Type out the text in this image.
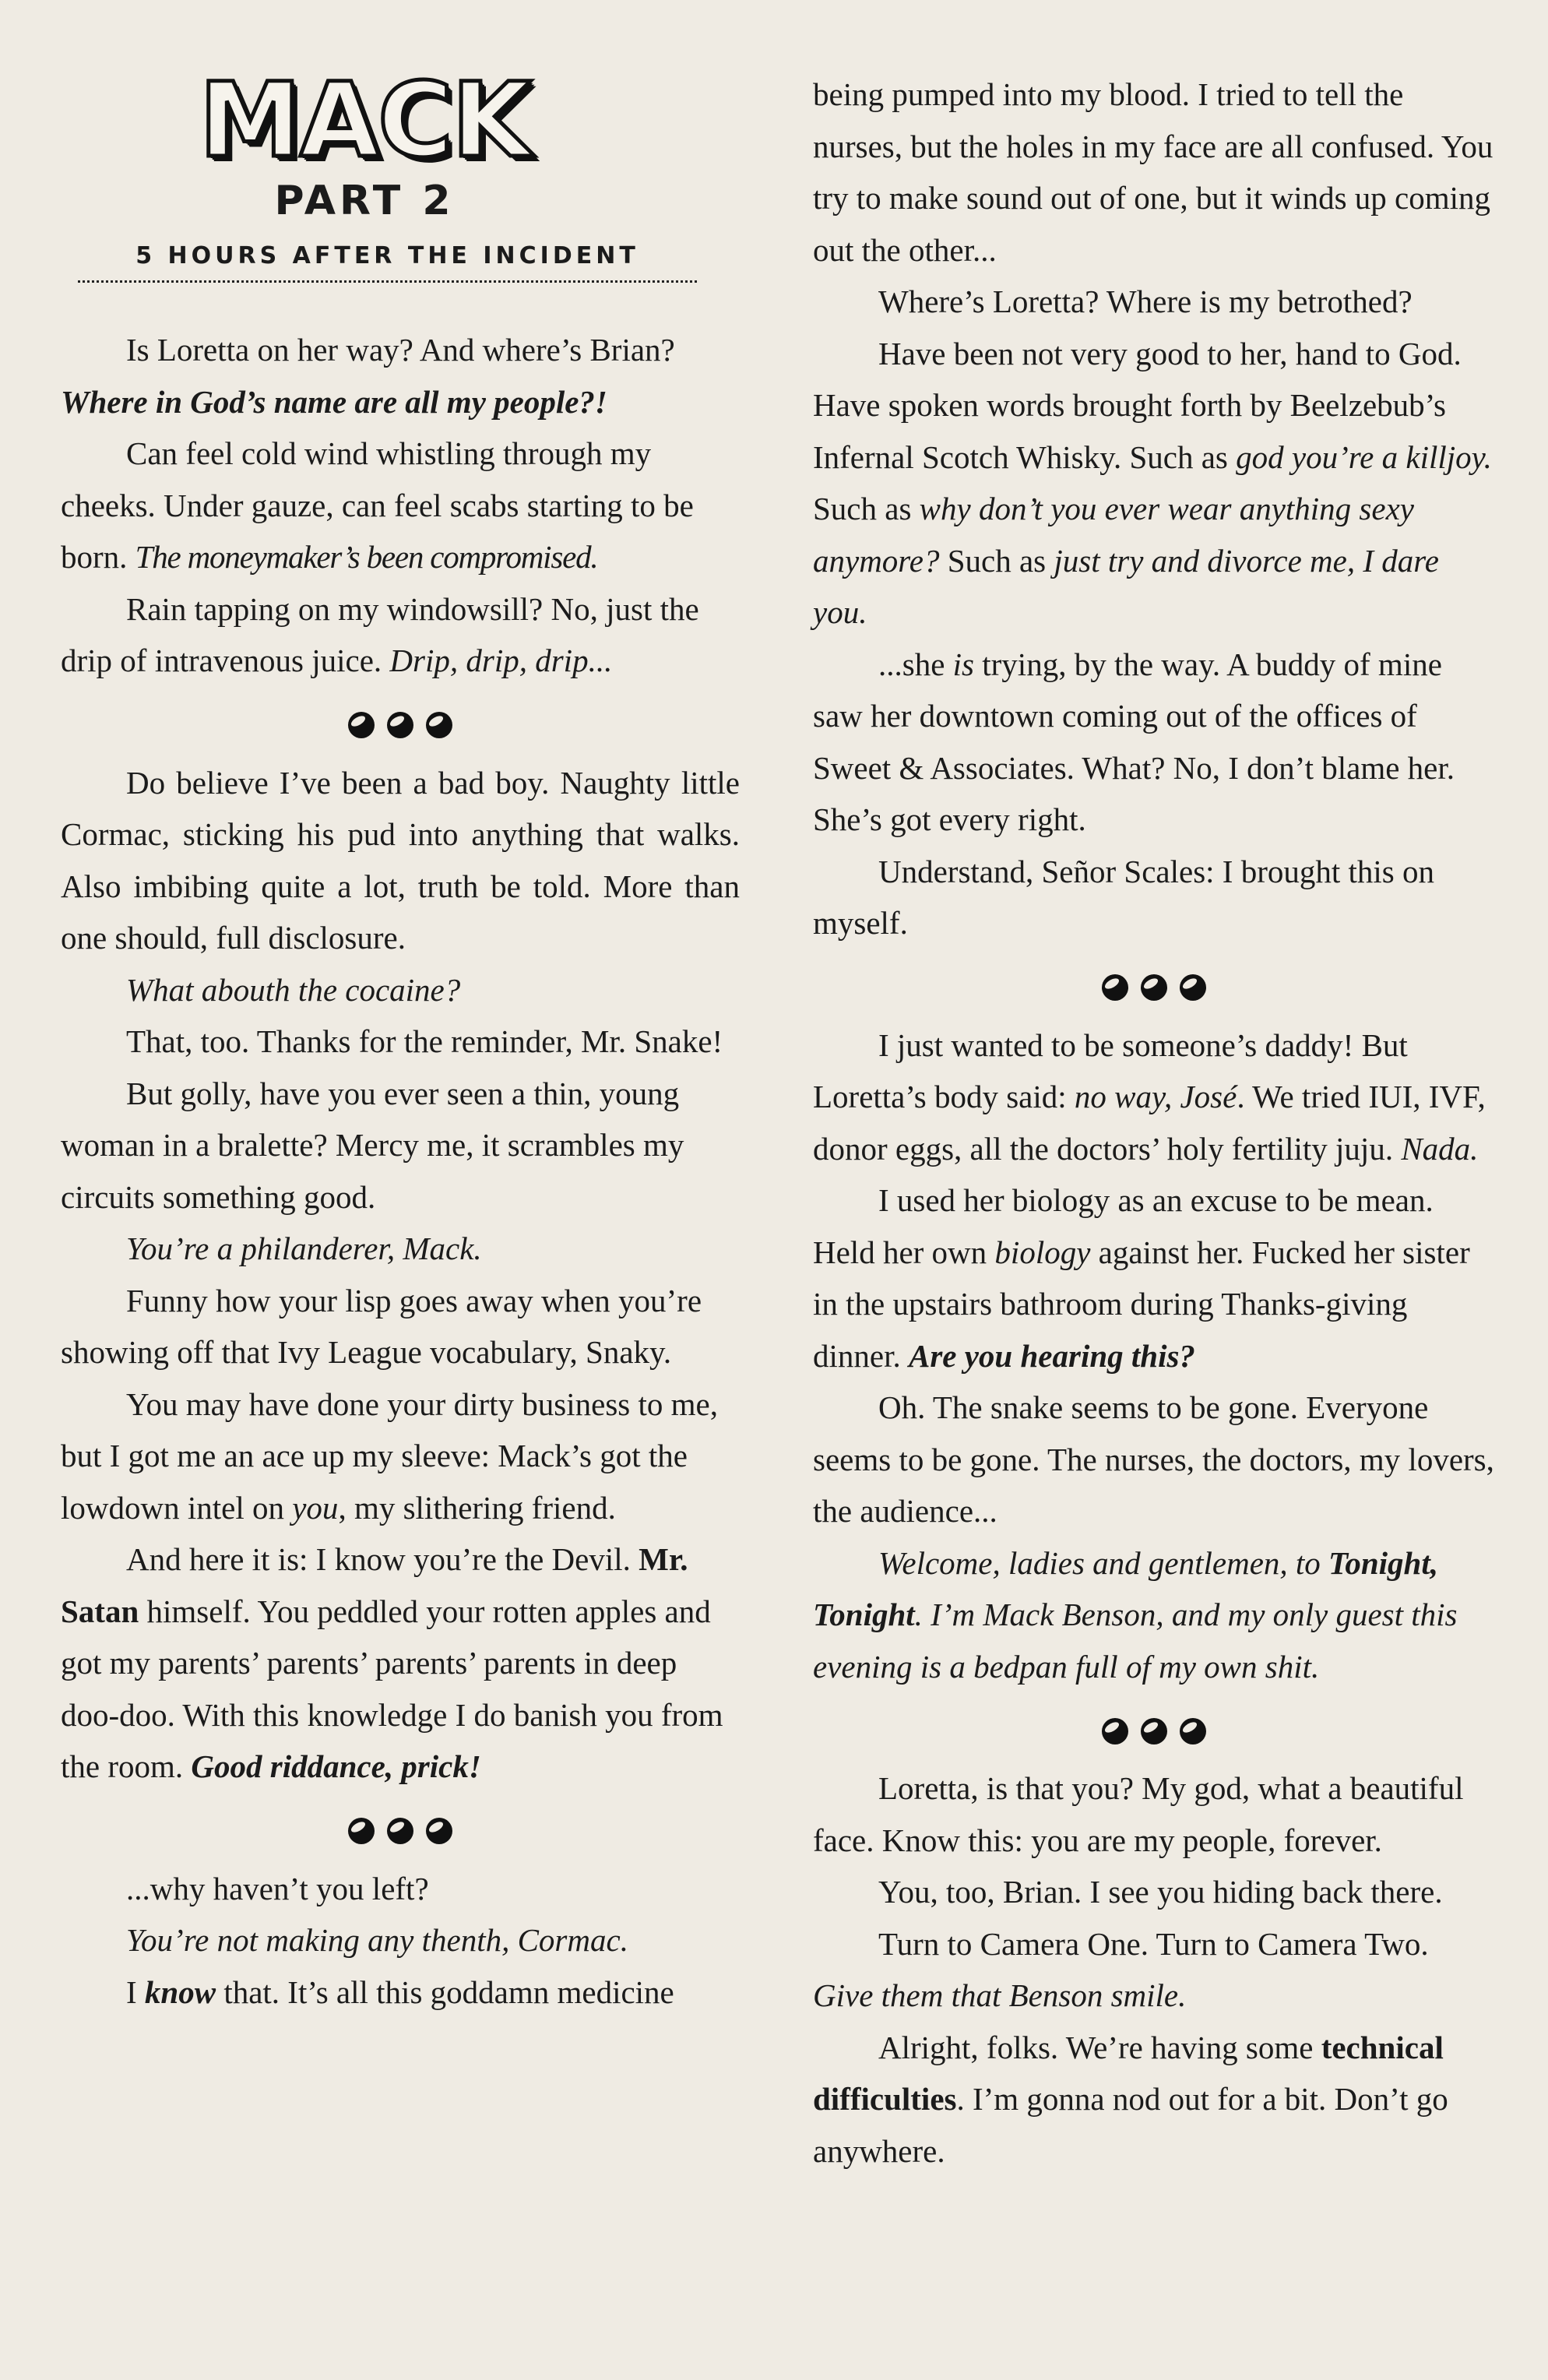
MACK
PART 2
5 HOURS AFTER THE INCIDENT

Is Loretta on her way? And where’s Brian? Where in God’s name are all my people?!

Can feel cold wind whistling through my cheeks. Under gauze, can feel scabs starting to be born. The moneymaker’s been compromised.

Rain tapping on my windowsill? No, just the drip of intravenous juice. Drip, drip, drip...

Do believe I’ve been a bad boy. Naughty little Cormac, sticking his pud into anything that walks. Also imbibing quite a lot, truth be told. More than one should, full disclosure.

What abouth the cocaine?

That, too. Thanks for the reminder, Mr. Snake!

But golly, have you ever seen a thin, young woman in a bralette? Mercy me, it scrambles my circuits something good.

You’re a philanderer, Mack.

Funny how your lisp goes away when you’re showing off that Ivy League vocabulary, Snaky.

You may have done your dirty business to me, but I got me an ace up my sleeve: Mack’s got the lowdown intel on you, my slithering friend.

And here it is: I know you’re the Devil. Mr. Satan himself. You peddled your rotten apples and got my parents’ parents’ parents’ parents in deep doo-doo. With this knowledge I do banish you from the room. Good riddance, prick!

...why haven’t you left?

You’re not making any thenth, Cormac.

I know that. It’s all this goddamn medicine

being pumped into my blood. I tried to tell the nurses, but the holes in my face are all confused. You try to make sound out of one, but it winds up coming out the other...

Where’s Loretta? Where is my betrothed?

Have been not very good to her, hand to God. Have spoken words brought forth by Beelzebub’s Infernal Scotch Whisky. Such as god you’re a killjoy. Such as why don’t you ever wear anything sexy anymore? Such as just try and divorce me, I dare you.

...she is trying, by the way. A buddy of mine saw her downtown coming out of the offices of Sweet & Associates. What? No, I don’t blame her. She’s got every right.

Understand, Señor Scales: I brought this on myself.

I just wanted to be someone’s daddy! But Loretta’s body said: no way, José. We tried IUI, IVF, donor eggs, all the doctors’ holy fertility juju. Nada.

I used her biology as an excuse to be mean. Held her own biology against her. Fucked her sister in the upstairs bathroom during Thanks-giving dinner. Are you hearing this?

Oh. The snake seems to be gone. Everyone seems to be gone. The nurses, the doctors, my lovers, the audience...

Welcome, ladies and gentlemen, to Tonight, Tonight. I’m Mack Benson, and my only guest this evening is a bedpan full of my own shit.

Loretta, is that you? My god, what a beautiful face. Know this: you are my people, forever.

You, too, Brian. I see you hiding back there.

Turn to Camera One. Turn to Camera Two. Give them that Benson smile.

Alright, folks. We’re having some technical difficulties. I’m gonna nod out for a bit. Don’t go anywhere.
